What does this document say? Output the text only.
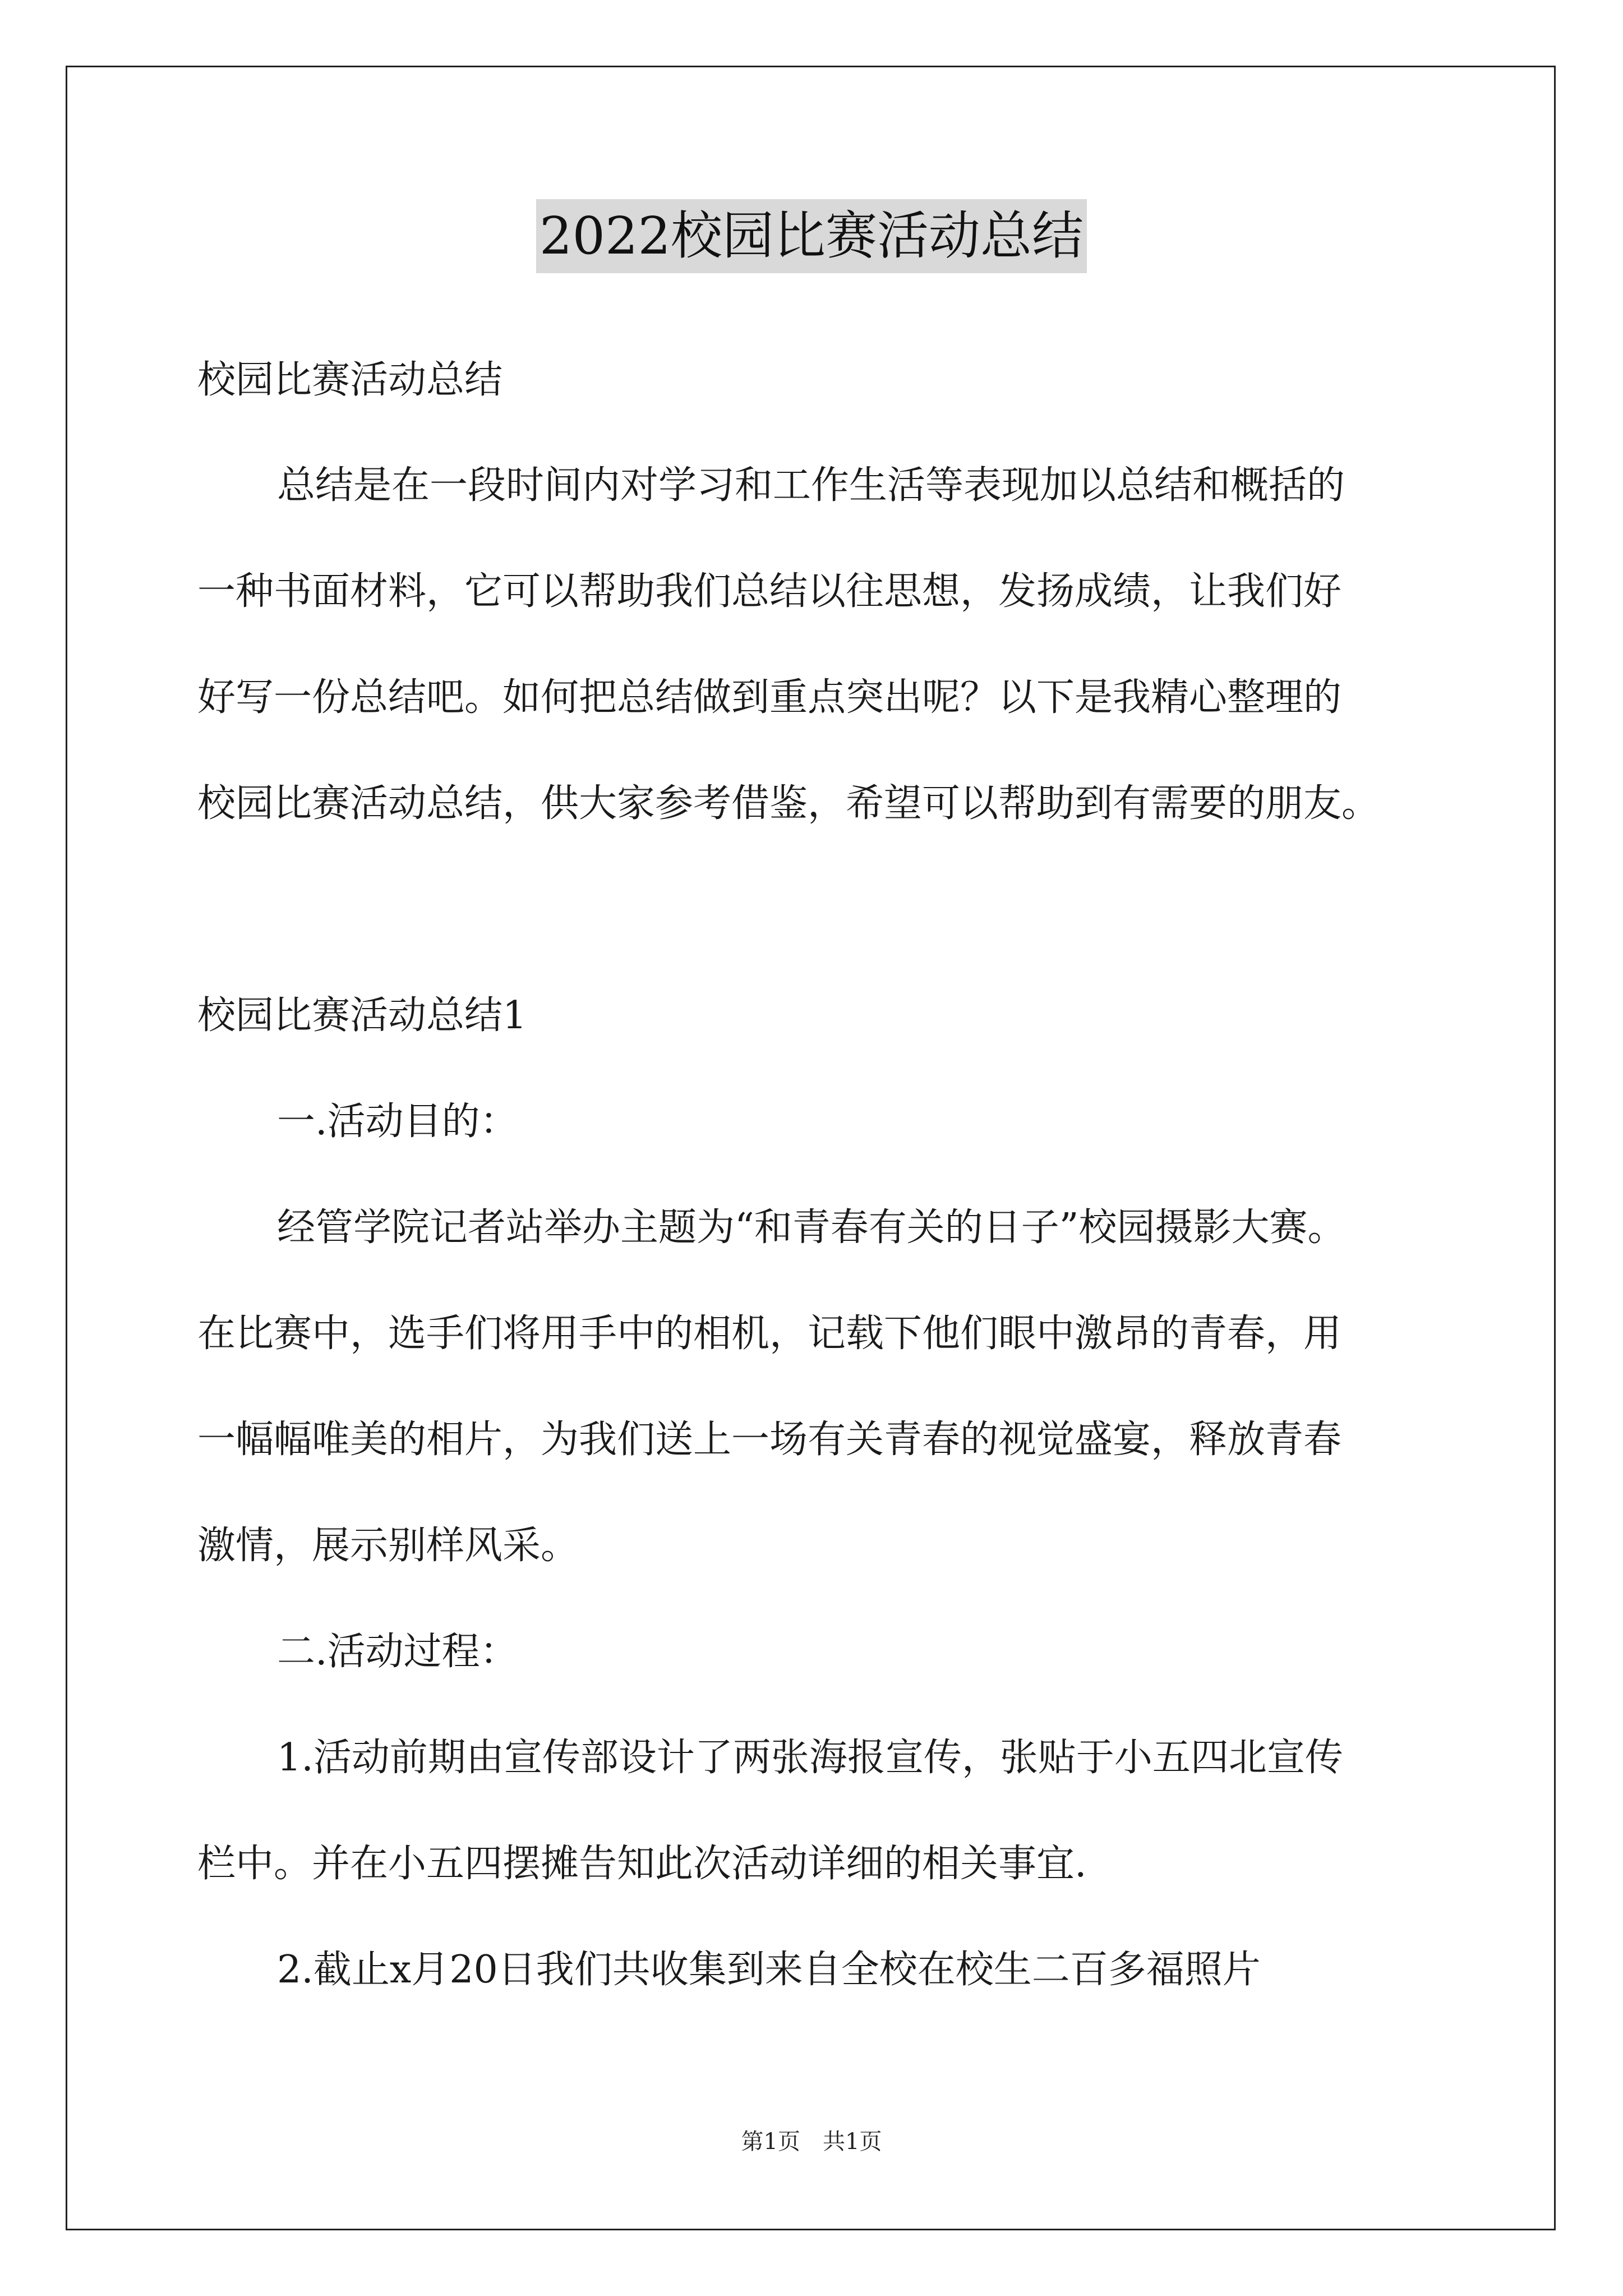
2022校园比赛活动总结
校园比赛活动总结
总结是在一段时间内对学习和工作生活等表现加以总结和概括的
一种书面材料，它可以帮助我们总结以往思想，发扬成绩，让我们好
好写一份总结吧。如何把总结做到重点突出呢？以下是我精心整理的
校园比赛活动总结，供大家参考借鉴，希望可以帮助到有需要的朋友。
校园比赛活动总结1
一.活动目的：
经管学院记者站举办主题为“和青春有关的日子”校园摄影大赛。
在比赛中，选手们将用手中的相机，记载下他们眼中激昂的青春，用
一幅幅唯美的相片，为我们送上一场有关青春的视觉盛宴，释放青春
激情，展示别样风采。
二.活动过程：
1.活动前期由宣传部设计了两张海报宣传，张贴于小五四北宣传
栏中。并在小五四摆摊告知此次活动详细的相关事宜.
2.截止x月20日我们共收集到来自全校在校生二百多福照片
第1页　共1页
